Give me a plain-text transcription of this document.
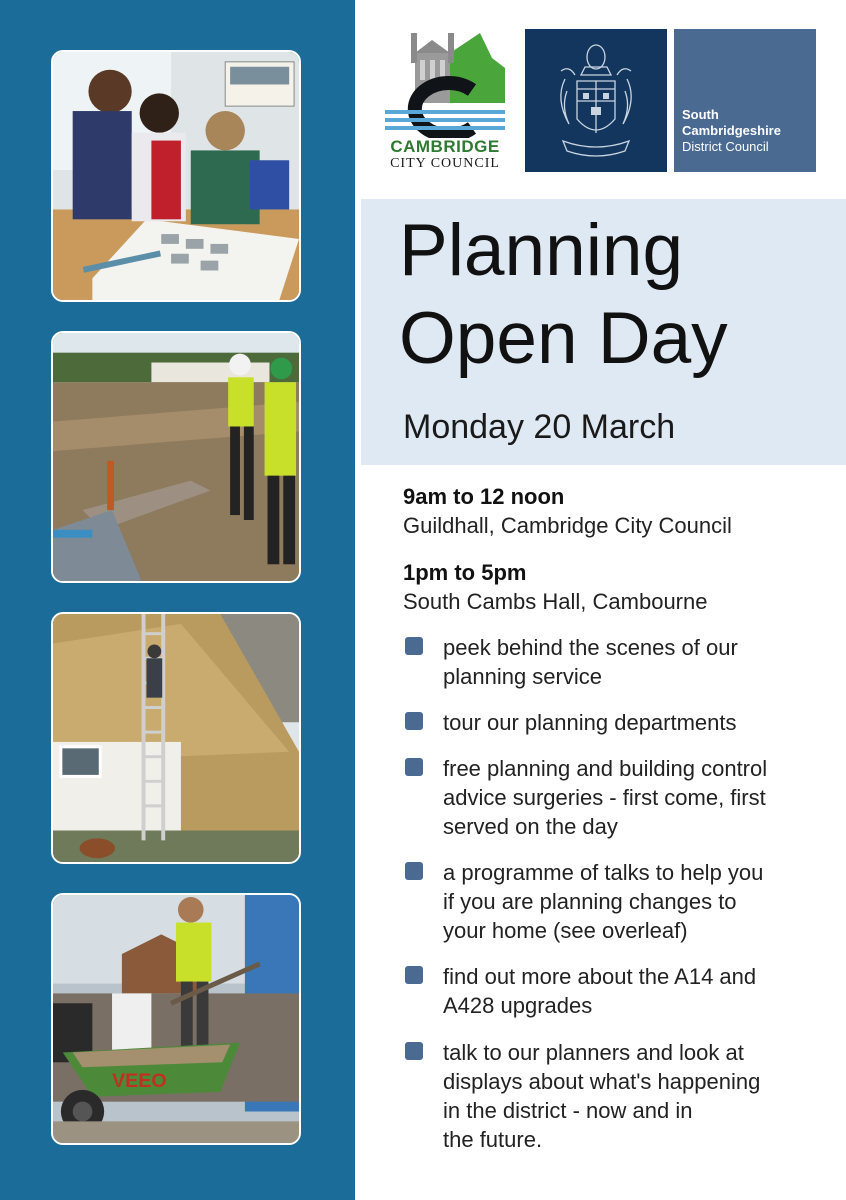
VEEO
CAMBRIDGE
CITY COUNCIL
South
Cambridgeshire
District Council
Planning
Open Day
Monday 20 March
9am to 12 noon
Guildhall, Cambridge City Council
1pm to 5pm
South Cambs Hall, Cambourne
peek behind the scenes of our
planning service
tour our planning departments
free planning and building control
advice surgeries - first come, first
served on the day
a programme of talks to help you
if you are planning changes to
your home (see overleaf)
find out more about the A14 and
A428 upgrades
talk to our planners and look at
displays about what's happening
in the district - now and in
the future.
